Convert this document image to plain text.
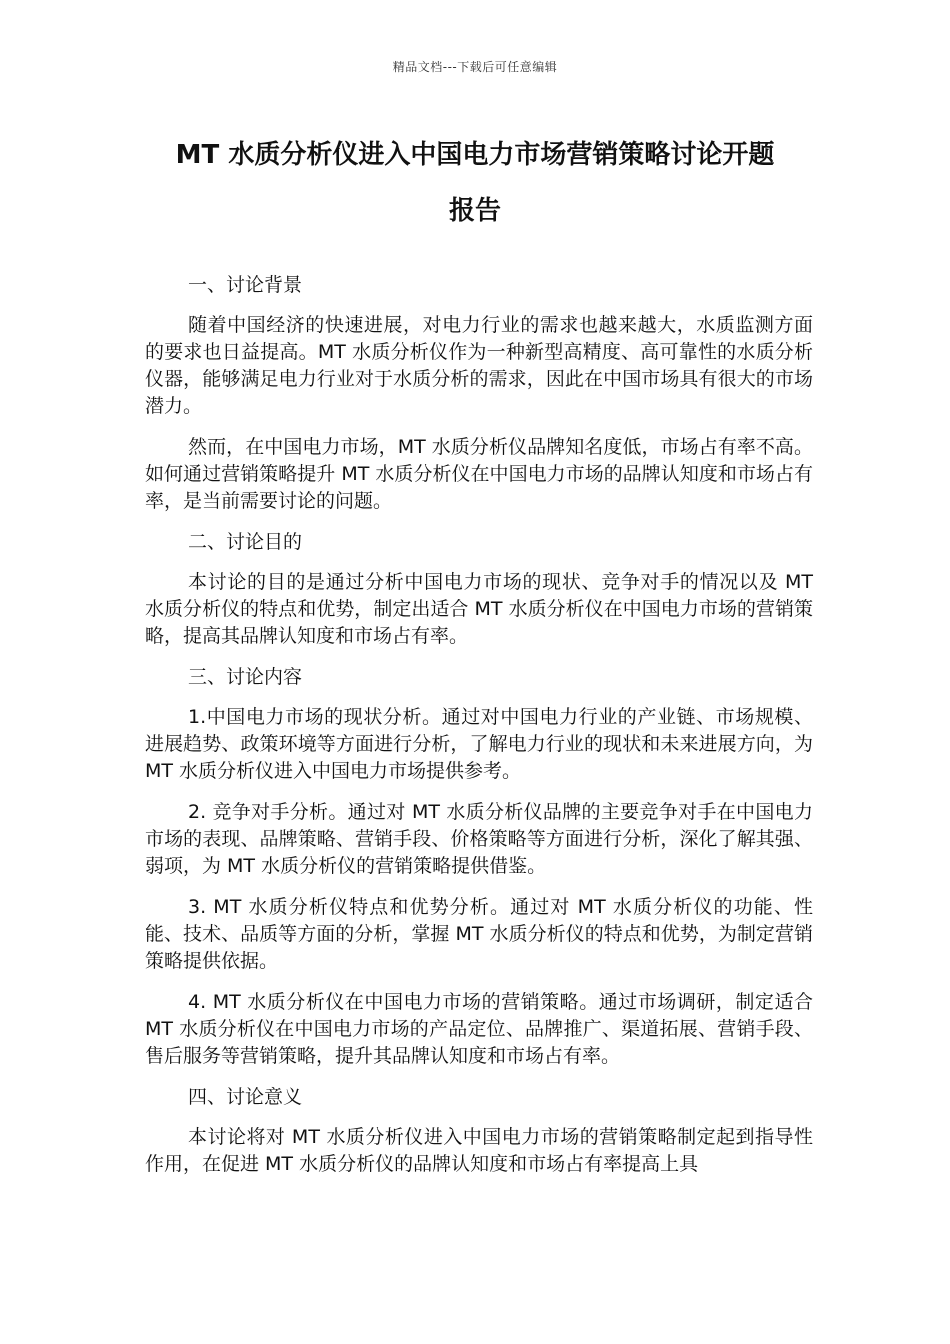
精品文档---下载后可任意编辑
MT 水质分析仪进入中国电力市场营销策略讨论开题
报告

一、讨论背景

随着中国经济的快速进展，对电力行业的需求也越来越大，水质监测方面的要求也日益提高。MT 水质分析仪作为一种新型高精度、高可靠性的水质分析仪器，能够满足电力行业对于水质分析的需求，因此在中国市场具有很大的市场潜力。

然而，在中国电力市场，MT 水质分析仪品牌知名度低，市场占有率不高。如何通过营销策略提升 MT 水质分析仪在中国电力市场的品牌认知度和市场占有率，是当前需要讨论的问题。

二、讨论目的

本讨论的目的是通过分析中国电力市场的现状、竞争对手的情况以及 MT 水质分析仪的特点和优势，制定出适合 MT 水质分析仪在中国电力市场的营销策略，提高其品牌认知度和市场占有率。

三、讨论内容

1.中国电力市场的现状分析。通过对中国电力行业的产业链、市场规模、进展趋势、政策环境等方面进行分析，了解电力行业的现状和未来进展方向，为 MT 水质分析仪进入中国电力市场提供参考。

2. 竞争对手分析。通过对 MT 水质分析仪品牌的主要竞争对手在中国电力市场的表现、品牌策略、营销手段、价格策略等方面进行分析，深化了解其强、弱项，为 MT 水质分析仪的营销策略提供借鉴。

3. MT 水质分析仪特点和优势分析。通过对 MT 水质分析仪的功能、性能、技术、品质等方面的分析，掌握 MT 水质分析仪的特点和优势，为制定营销策略提供依据。

4. MT 水质分析仪在中国电力市场的营销策略。通过市场调研，制定适合 MT 水质分析仪在中国电力市场的产品定位、品牌推广、渠道拓展、营销手段、售后服务等营销策略，提升其品牌认知度和市场占有率。

四、讨论意义

本讨论将对 MT 水质分析仪进入中国电力市场的营销策略制定起到指导性作用，在促进 MT 水质分析仪的品牌认知度和市场占有率提高上具
